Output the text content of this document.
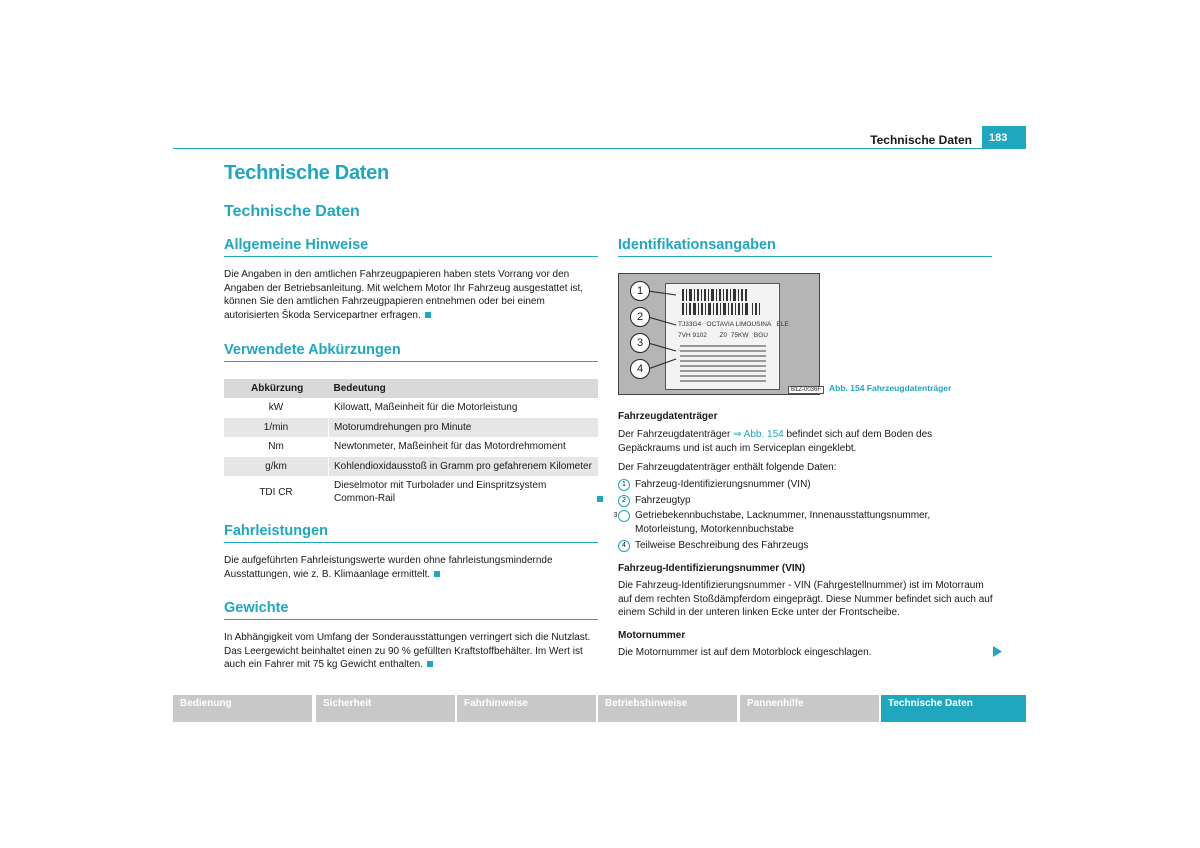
Technische Daten	183
Technische Daten
Technische Daten
Allgemeine Hinweise

Die Angaben in den amtlichen Fahrzeugpapieren haben stets Vorrang vor den Angaben der Betriebsanleitung. Mit welchem Motor Ihr Fahrzeug ausgestattet ist, können Sie den amtlichen Fahrzeugpapieren entnehmen oder bei einem autorisierten Škoda Servicepartner erfragen.

Verwendete Abkürzungen
Abkürzung	Bedeutung
kW	Kilowatt, Maßeinheit für die Motorleistung
1/min	Motorumdrehungen pro Minute
Nm	Newtonmeter, Maßeinheit für das Motordrehmoment
g/km	Kohlendioxidausstoß in Gramm pro gefahrenem Kilometer
TDI CR	Dieselmotor mit Turbolader und Einspritzsystem Common-Rail
Fahrleistungen

Die aufgeführten Fahrleistungswerte wurden ohne fahrleistungsmindernde Ausstattungen, wie z. B. Klimaanlage ermittelt.

Gewichte

In Abhängigkeit vom Umfang der Sonderausstattungen verringert sich die Nutzlast. Das Leergewicht beinhaltet einen zu 90 % gefüllten Kraftstoffbehälter. Im Wert ist auch ein Fahrer mit 75 kg Gewicht enthalten.

Identifikationsangaben
TJ33G4   OCTAVIA LIMOUSINA   ELE
7VH 9102       Z0  75KW   BGU
1
2
3
4
B1Z-0036F Abb. 154 Fahrzeugdatenträger

Fahrzeugdatenträger

Der Fahrzeugdatenträger ⇒ Abb. 154 befindet sich auf dem Boden des Gepäckraums und ist auch im Serviceplan eingeklebt.

Der Fahrzeugdatenträger enthält folgende Daten:

1 Fahrzeug-Identifizierungsnummer (VIN)
2 Fahrzeugtyp
3 Getriebekennbuchstabe, Lacknummer, Innenausstattungsnummer, Motorleistung, Motorkennbuchstabe
4 Teilweise Beschreibung des Fahrzeugs

Fahrzeug-Identifizierungsnummer (VIN)

Die Fahrzeug-Identifizierungsnummer - VIN (Fahrgestellnummer) ist im Motorraum auf dem rechten Stoßdämpferdom eingeprägt. Diese Nummer befindet sich auch auf einem Schild in der unteren linken Ecke unter der Frontscheibe.

Motornummer

Die Motornummer ist auf dem Motorblock eingeschlagen.

Bedienung	Sicherheit	Fahrhinweise	Betriebshinweise	Pannenhilfe	Technische Daten
